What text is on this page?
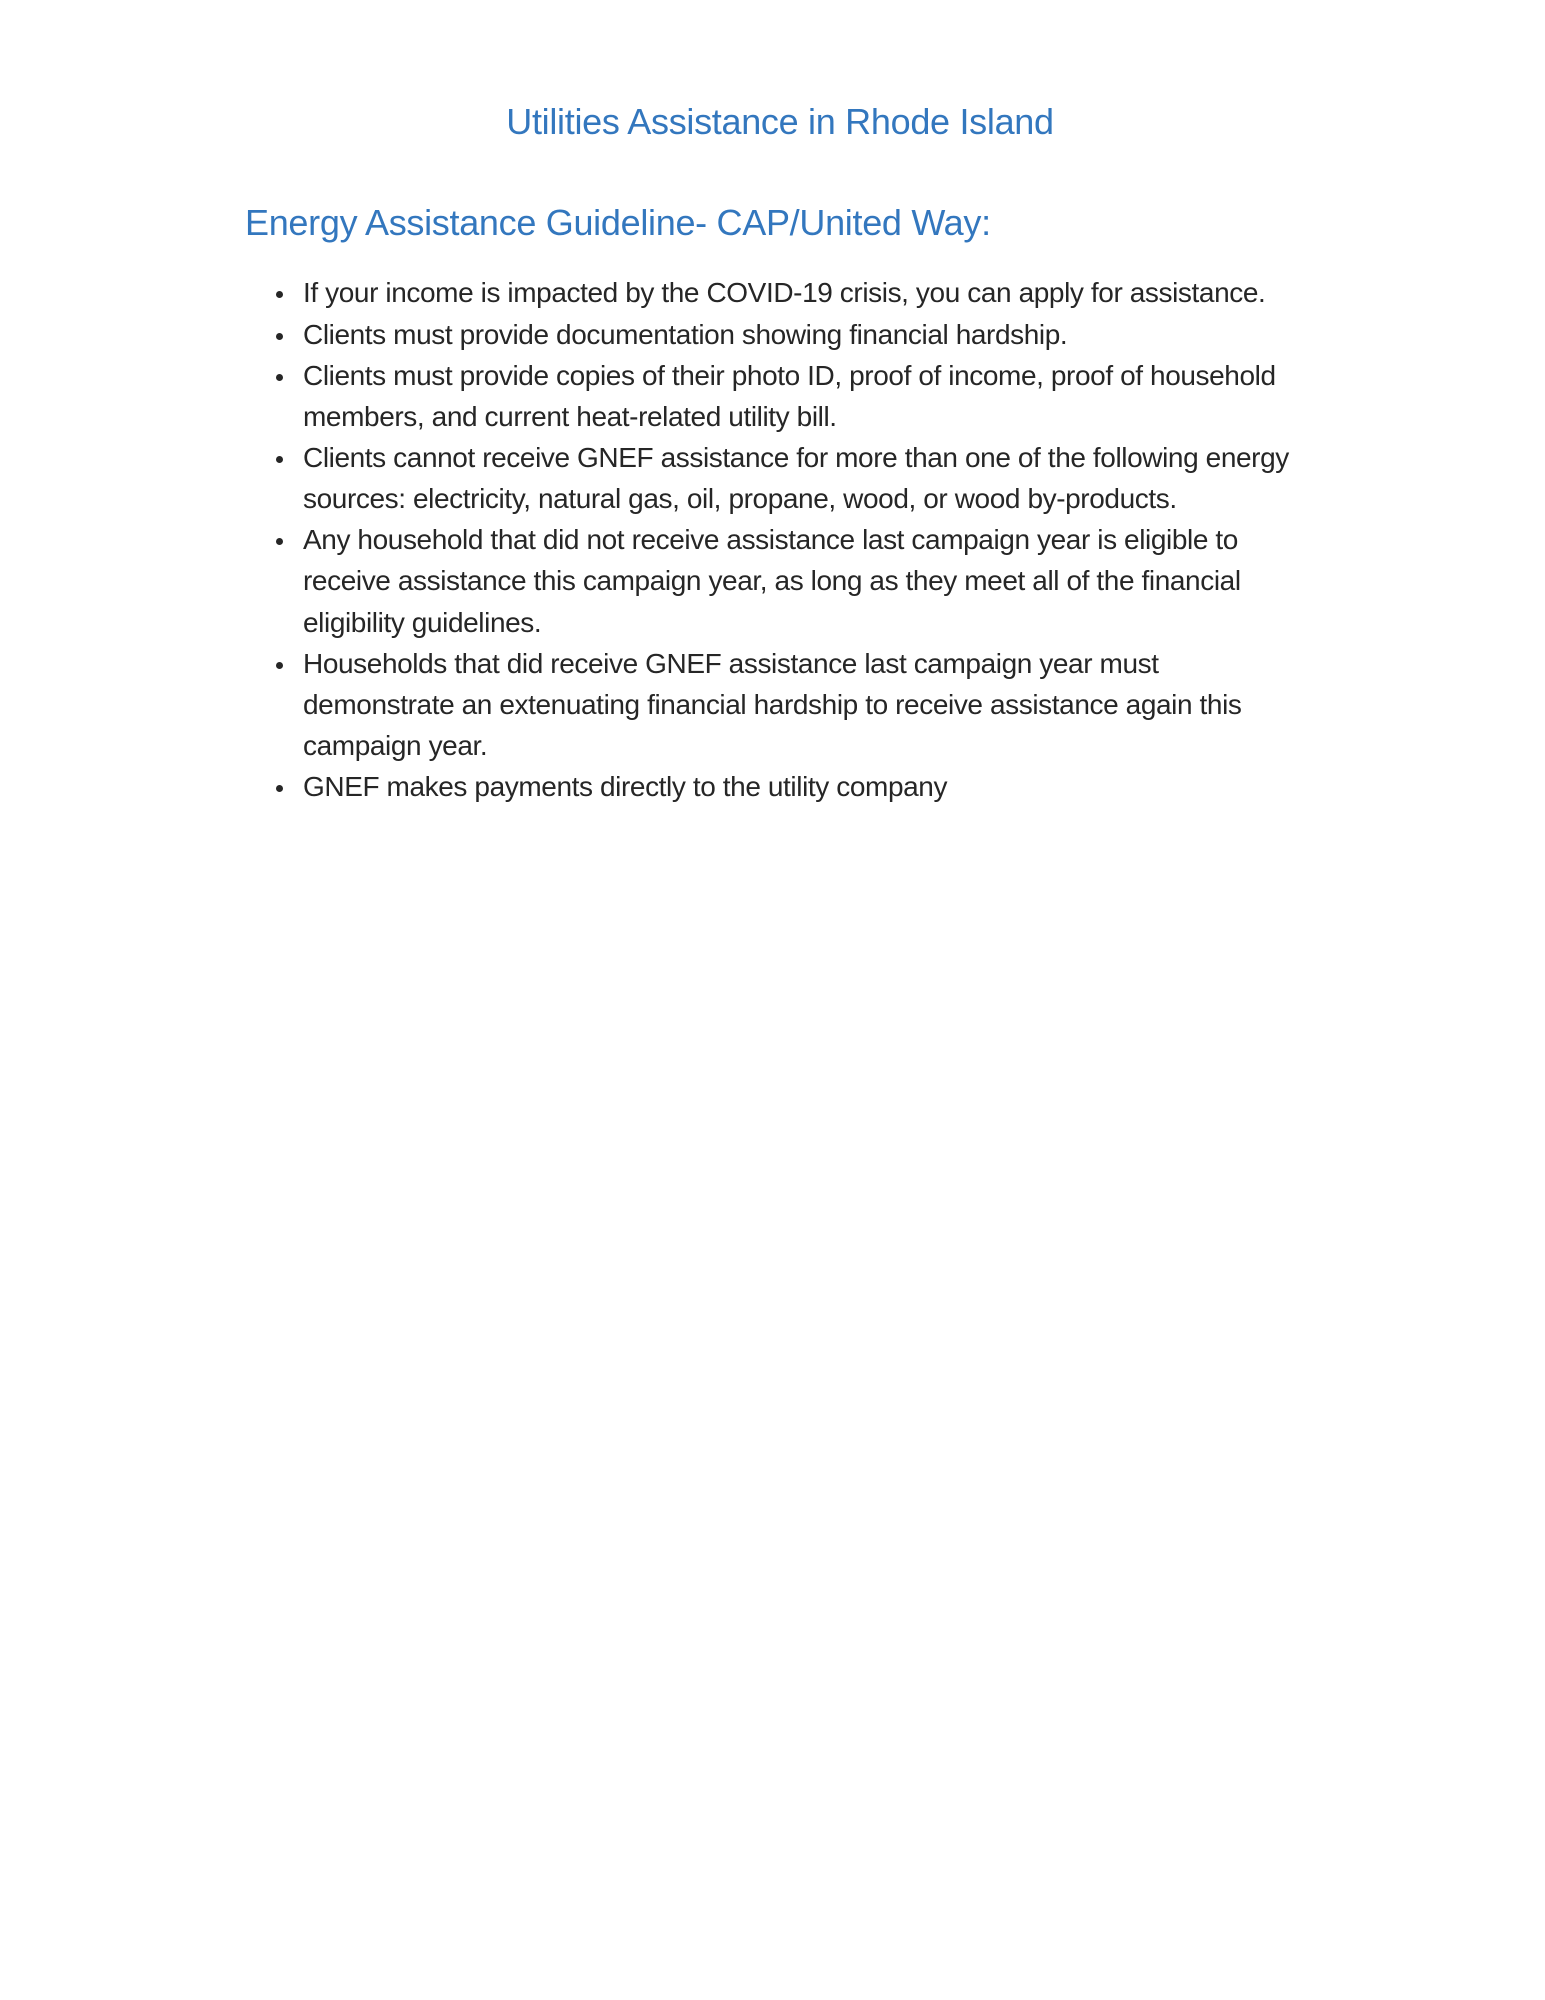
Utilities Assistance in Rhode Island
Energy Assistance Guideline- CAP/United Way:
• If your income is impacted by the COVID-19 crisis, you can apply for assistance.
• Clients must provide documentation showing financial hardship.
• Clients must provide copies of their photo ID, proof of income, proof of household members, and current heat-related utility bill.
• Clients cannot receive GNEF assistance for more than one of the following energy sources: electricity, natural gas, oil, propane, wood, or wood by-products.
• Any household that did not receive assistance last campaign year is eligible to receive assistance this campaign year, as long as they meet all of the financial eligibility guidelines.
• Households that did receive GNEF assistance last campaign year must demonstrate an extenuating financial hardship to receive assistance again this campaign year.
• GNEF makes payments directly to the utility company
